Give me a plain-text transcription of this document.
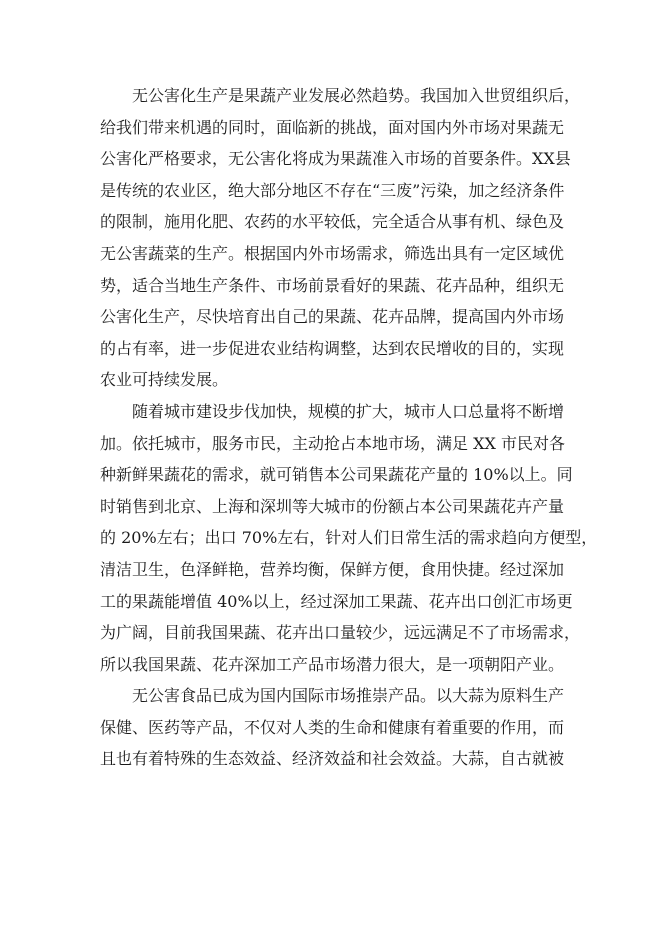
无公害化生产是果蔬产业发展必然趋势。我国加入世贸组织后，
给我们带来机遇的同时，面临新的挑战，面对国内外市场对果蔬无
公害化严格要求，无公害化将成为果蔬准入市场的首要条件。XX县
是传统的农业区，绝大部分地区不存在“三废”污染，加之经济条件
的限制，施用化肥、农药的水平较低，完全适合从事有机、绿色及
无公害蔬菜的生产。根据国内外市场需求，筛选出具有一定区域优
势，适合当地生产条件、市场前景看好的果蔬、花卉品种，组织无
公害化生产，尽快培育出自己的果蔬、花卉品牌，提高国内外市场
的占有率，进一步促进农业结构调整，达到农民增收的目的，实现
农业可持续发展。
随着城市建设步伐加快，规模的扩大，城市人口总量将不断增
加。依托城市，服务市民，主动抢占本地市场，满足 XX 市民对各
种新鲜果蔬花的需求，就可销售本公司果蔬花产量的 10%以上。同
时销售到北京、上海和深圳等大城市的份额占本公司果蔬花卉产量
的 20%左右；出口 70%左右，针对人们日常生活的需求趋向方便型，
清洁卫生，色泽鲜艳，营养均衡，保鲜方便，食用快捷。经过深加
工的果蔬能增值 40%以上，经过深加工果蔬、花卉出口创汇市场更
为广阔，目前我国果蔬、花卉出口量较少，远远满足不了市场需求，
所以我国果蔬、花卉深加工产品市场潜力很大，是一项朝阳产业。
无公害食品已成为国内国际市场推崇产品。以大蒜为原料生产
保健、医药等产品，不仅对人类的生命和健康有着重要的作用，而
且也有着特殊的生态效益、经济效益和社会效益。大蒜，自古就被
